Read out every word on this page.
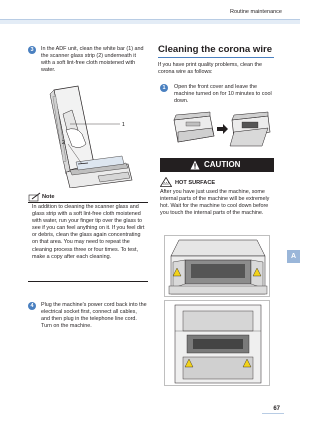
Routine maintenance
A
3	In the ADF unit, clean the white bar (1) and the scanner glass strip (2) underneath it with a soft lint-free cloth moistened with water.
1
2
Note
In addition to cleaning the scanner glass and glass strip with a soft lint-free cloth moistened with water, run your finger tip over the glass to see if you can feel anything on it. If you feel dirt or debris, clean the glass again concentrating on that area. You may need to repeat the cleaning process three or four times. To test, make a copy after each cleaning.
4	Plug the machine's power cord back into the electrical socket first, connect all cables, and then plug in the telephone line cord. Turn on the machine.
Cleaning the corona wire
If you have print quality problems, clean the corona wire as follows:
1	Open the front cover and leave the machine turned on for 10 minutes to cool down.
CAUTION
HOT SURFACE
After you have just used the machine, some internal parts of the machine will be extremely hot. Wait for the machine to cool down before you touch the internal parts of the machine.
67
